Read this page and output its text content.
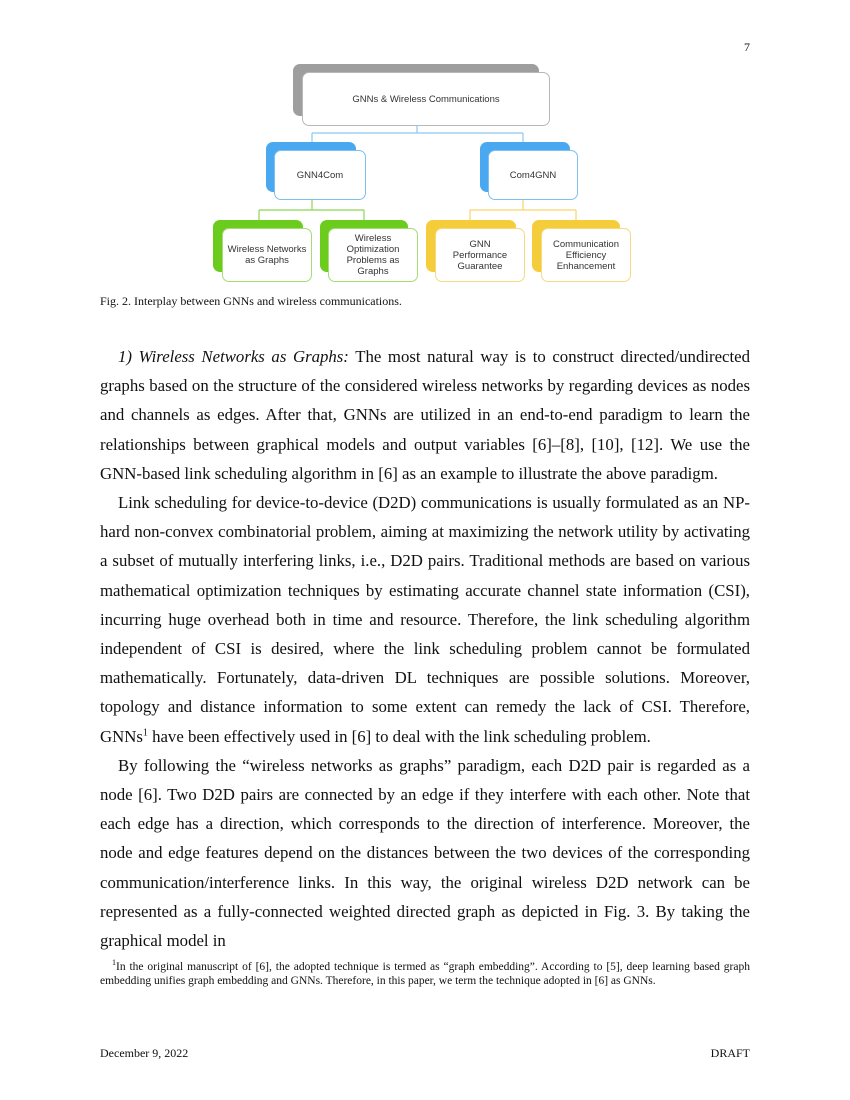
7
GNNs & Wireless Communications
GNN4Com	Com4GNN
Wireless Networks as Graphs
Wireless Optimization Problems as Graphs
GNN Performance Guarantee
Communication Efficiency Enhancement
Fig. 2. Interplay between GNNs and wireless communications.

1) Wireless Networks as Graphs: The most natural way is to construct directed/undirected graphs based on the structure of the considered wireless networks by regarding devices as nodes and channels as edges. After that, GNNs are utilized in an end-to-end paradigm to learn the relationships between graphical models and output variables [6]–[8], [10], [12]. We use the GNN-based link scheduling algorithm in [6] as an example to illustrate the above paradigm.

Link scheduling for device-to-device (D2D) communications is usually formulated as an NP-hard non-convex combinatorial problem, aiming at maximizing the network utility by activating a subset of mutually interfering links, i.e., D2D pairs. Traditional methods are based on various mathematical optimization techniques by estimating accurate channel state information (CSI), incurring huge overhead both in time and resource. Therefore, the link scheduling algorithm independent of CSI is desired, where the link scheduling problem cannot be formulated mathematically. Fortunately, data-driven DL techniques are possible solutions. Moreover, topology and distance information to some extent can remedy the lack of CSI. Therefore, GNNs$^1$ have been effectively used in [6] to deal with the link scheduling problem.

By following the “wireless networks as graphs” paradigm, each D2D pair is regarded as a node [6]. Two D2D pairs are connected by an edge if they interfere with each other. Note that each edge has a direction, which corresponds to the direction of interference. Moreover, the node and edge features depend on the distances between the two devices of the corresponding communication/interference links. In this way, the original wireless D2D network can be represented as a fully-connected weighted directed graph as depicted in Fig. 3. By taking the graphical model in

$^1$In the original manuscript of [6], the adopted technique is termed as “graph embedding”. According to [5], deep learning based graph embedding unifies graph embedding and GNNs. Therefore, in this paper, we term the technique adopted in [6] as GNNs.
December 9, 2022	DRAFT
